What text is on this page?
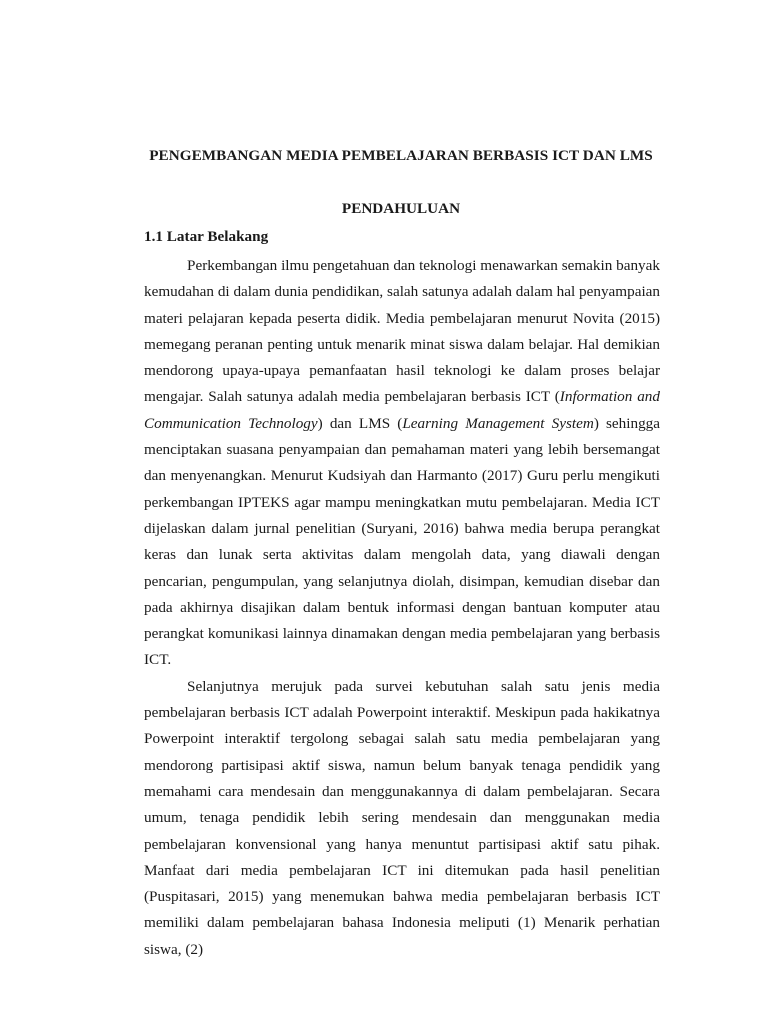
PENGEMBANGAN MEDIA PEMBELAJARAN BERBASIS ICT DAN LMS
PENDAHULUAN
1.1 Latar Belakang

Perkembangan ilmu pengetahuan dan teknologi menawarkan semakin banyak kemudahan di dalam dunia pendidikan, salah satunya adalah dalam hal penyampaian materi pelajaran kepada peserta didik. Media pembelajaran menurut Novita (2015) memegang peranan penting untuk menarik minat siswa dalam belajar. Hal demikian mendorong upaya-upaya pemanfaatan hasil teknologi ke dalam proses belajar mengajar. Salah satunya adalah media pembelajaran berbasis ICT (Information and Communication Technology) dan LMS (Learning Management System) sehingga menciptakan suasana penyampaian dan pemahaman materi yang lebih bersemangat dan menyenangkan. Menurut Kudsiyah dan Harmanto (2017) Guru perlu mengikuti perkembangan IPTEKS agar mampu meningkatkan mutu pembelajaran. Media ICT dijelaskan dalam jurnal penelitian (Suryani, 2016) bahwa media berupa perangkat keras dan lunak serta aktivitas dalam mengolah data, yang diawali dengan pencarian, pengumpulan, yang selanjutnya diolah, disimpan, kemudian disebar dan pada akhirnya disajikan dalam bentuk informasi dengan bantuan komputer atau perangkat komunikasi lainnya dinamakan dengan media pembelajaran yang berbasis ICT.

Selanjutnya merujuk pada survei kebutuhan salah satu jenis media pembelajaran berbasis ICT adalah Powerpoint interaktif. Meskipun pada hakikatnya Powerpoint interaktif tergolong sebagai salah satu media pembelajaran yang mendorong partisipasi aktif siswa, namun belum banyak tenaga pendidik yang memahami cara mendesain dan menggunakannya di dalam pembelajaran. Secara umum, tenaga pendidik lebih sering mendesain dan menggunakan media pembelajaran konvensional yang hanya menuntut partisipasi aktif satu pihak. Manfaat dari media pembelajaran ICT ini ditemukan pada hasil penelitian (Puspitasari, 2015) yang menemukan bahwa media pembelajaran berbasis ICT memiliki dalam pembelajaran bahasa Indonesia meliputi (1) Menarik perhatian siswa, (2)
